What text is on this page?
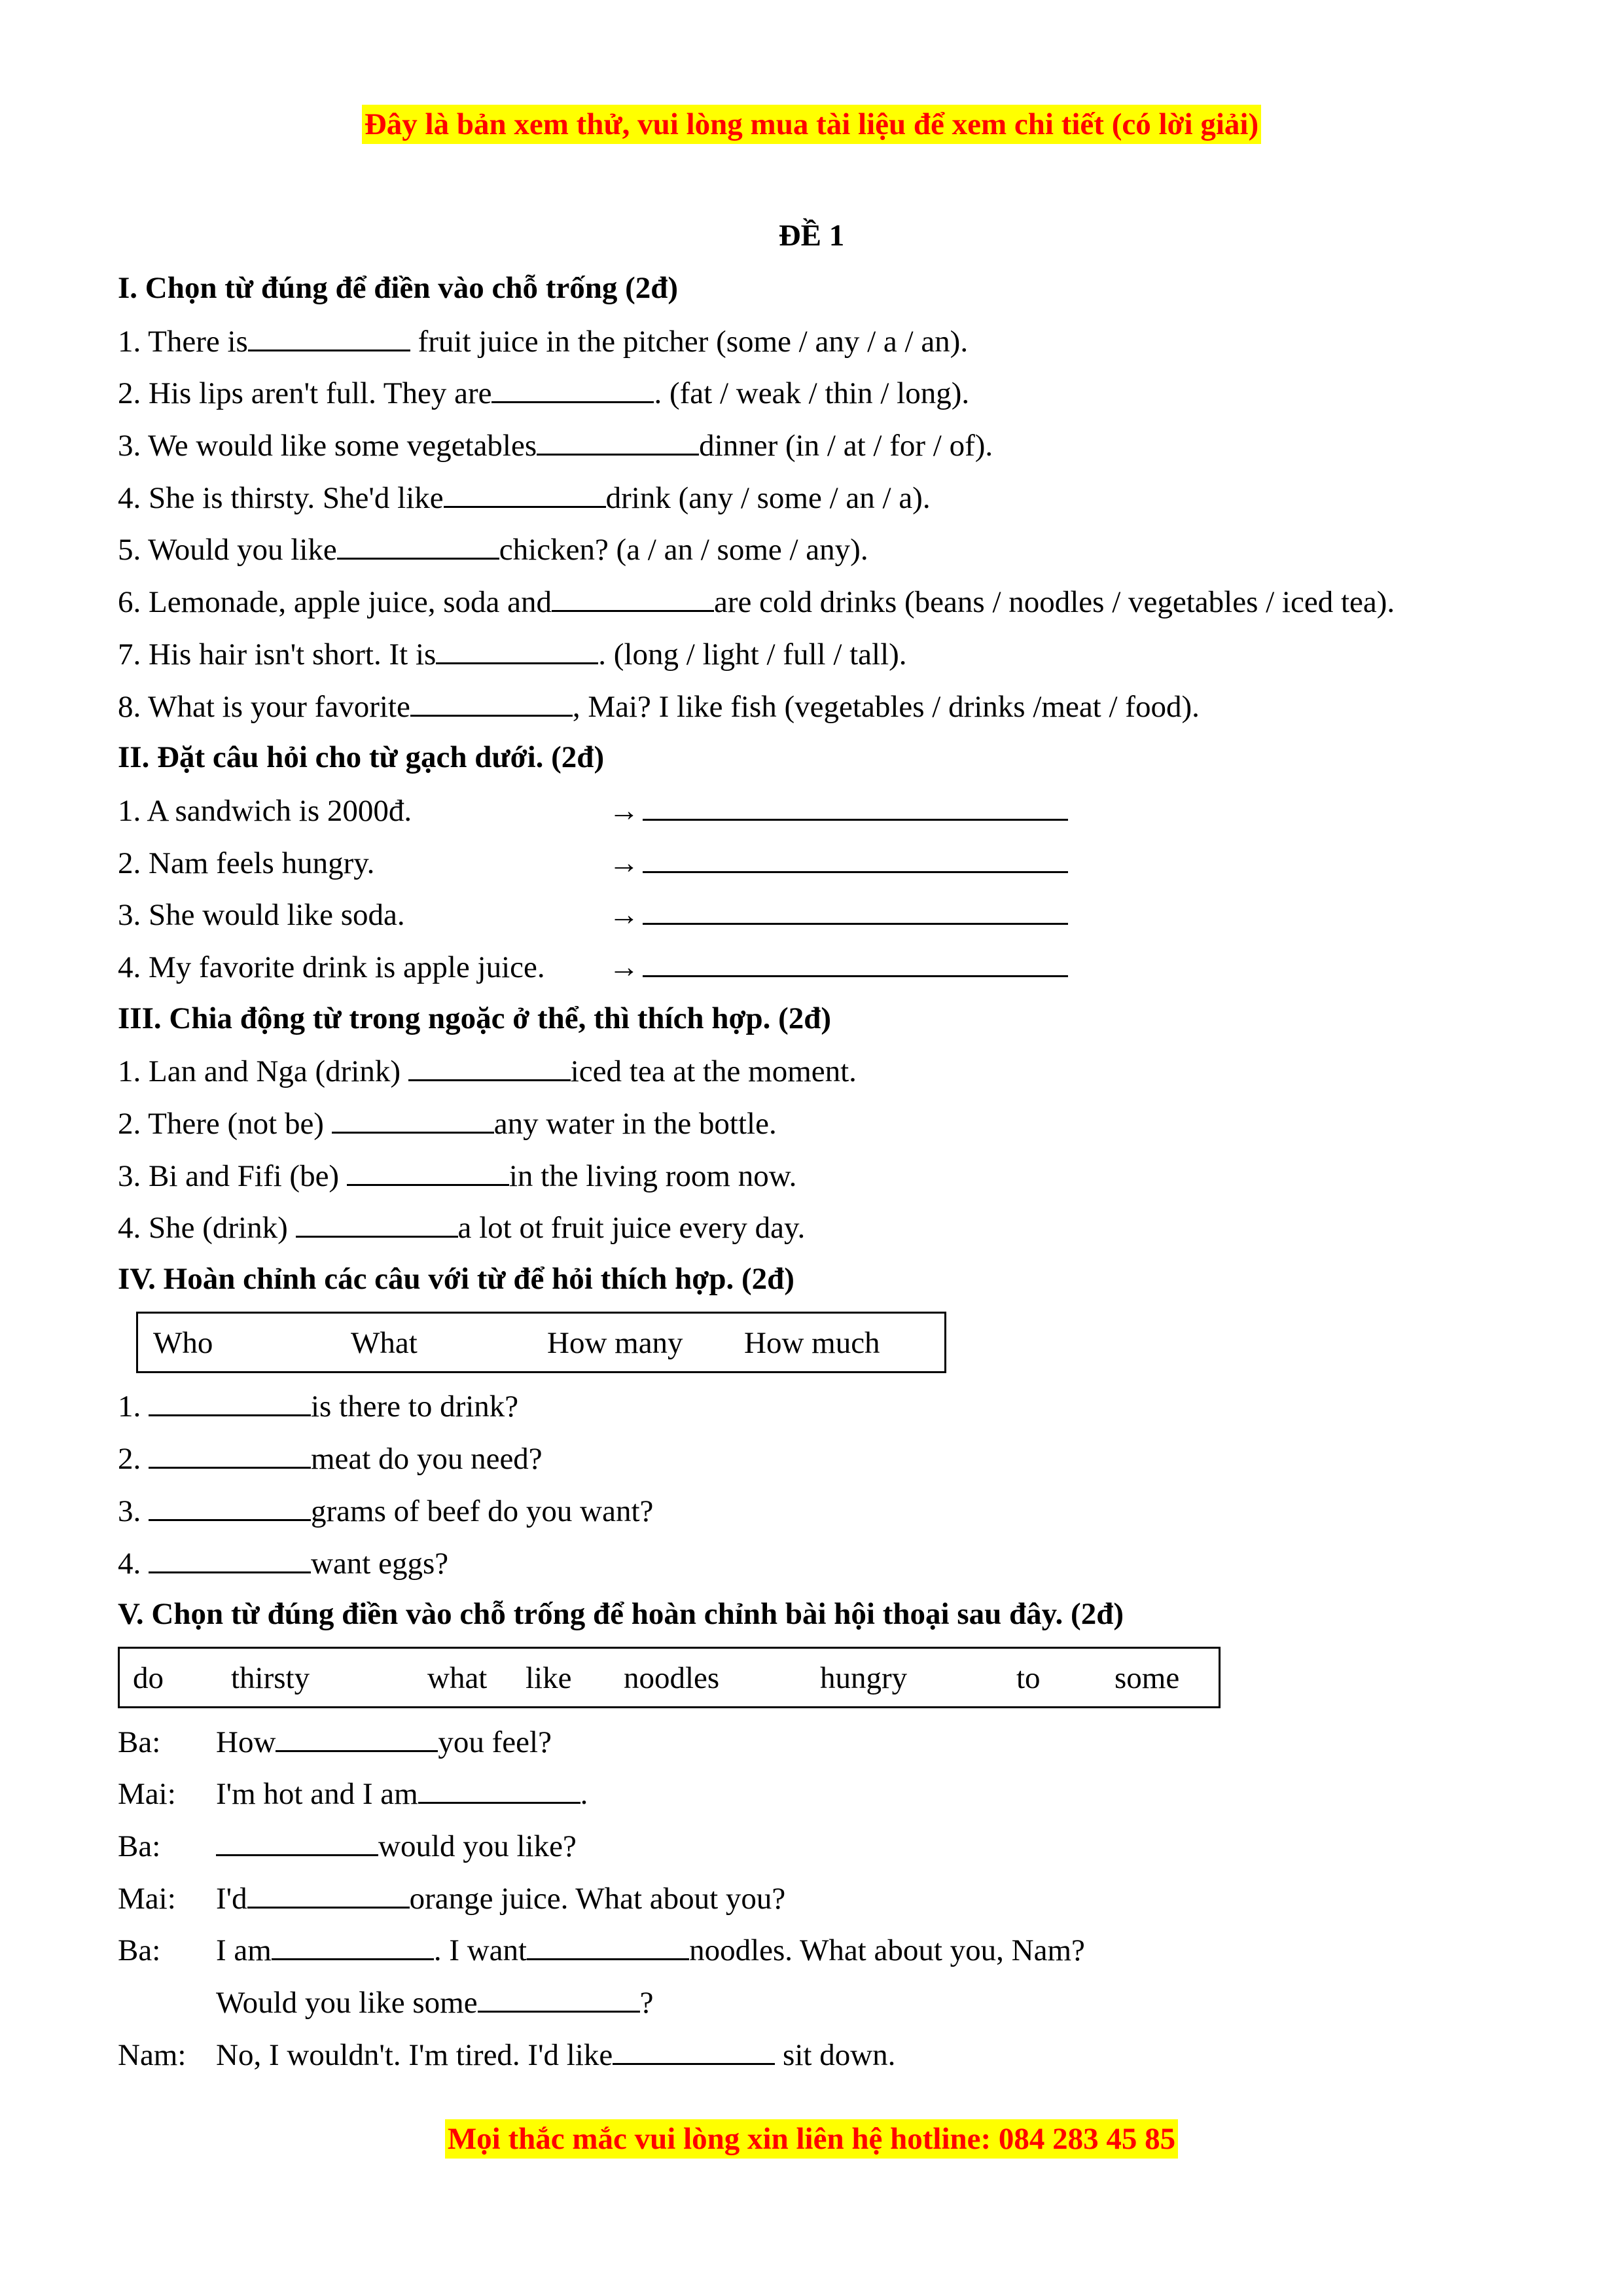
Đây là bản xem thử, vui lòng mua tài liệu để xem chi tiết (có lời giải)
ĐỀ 1
I. Chọn từ đúng để điền vào chỗ trống (2đ)
1. There is	fruit juice in the pitcher (some / any / a / an).
2. His lips aren't full. They are	. (fat / weak / thin / long).
3. We would like some vegetables	dinner (in / at / for / of).
4. She is thirsty. She'd like	drink (any / some / an / a).
5. Would you like	chicken? (a / an / some / any).
6. Lemonade, apple juice, soda and	are cold drinks (beans / noodles / vegetables / iced tea).
7. His hair isn't short. It is	. (long / light / full / tall).
8. What is your favorite	, Mai? I like fish (vegetables / drinks /meat / food).
II. Đặt câu hỏi cho từ gạch dưới. (2đ)
1. A sandwich is 2000đ.	→
2. Nam feels hungry.	→
3. She would like soda.	→
4. My favorite drink is apple juice. →
III. Chia động từ trong ngoặc ở thể, thì thích hợp. (2đ)
1. Lan and Nga (drink)	iced tea at the moment.
2. There (not be)	any water in the bottle.
3. Bi and Fifi (be)	in the living room now.
4. She (drink)	a lot ot fruit juice every day.
IV. Hoàn chỉnh các câu với từ để hỏi thích hợp. (2đ)
Who	What	How many How much
1.	is there to drink?
2.	meat do you need?
3.	grams of beef do you want?
4.	want eggs?
V. Chọn từ đúng điền vào chỗ trống để hoàn chỉnh bài hội thoại sau đây. (2đ)
do thirsty	what like noodles	hungry	to some
Ba: How	you feel?
Mai: I'm hot and I am	.
Ba:	would you like?
Mai: I'd	orange juice. What about you?
Ba: I am	. I want	noodles. What about you, Nam?
Would you like some	?
Nam: No, I wouldn't. I'm tired. I'd like	sit down.
Mọi thắc mắc vui lòng xin liên hệ hotline: 084 283 45 85
